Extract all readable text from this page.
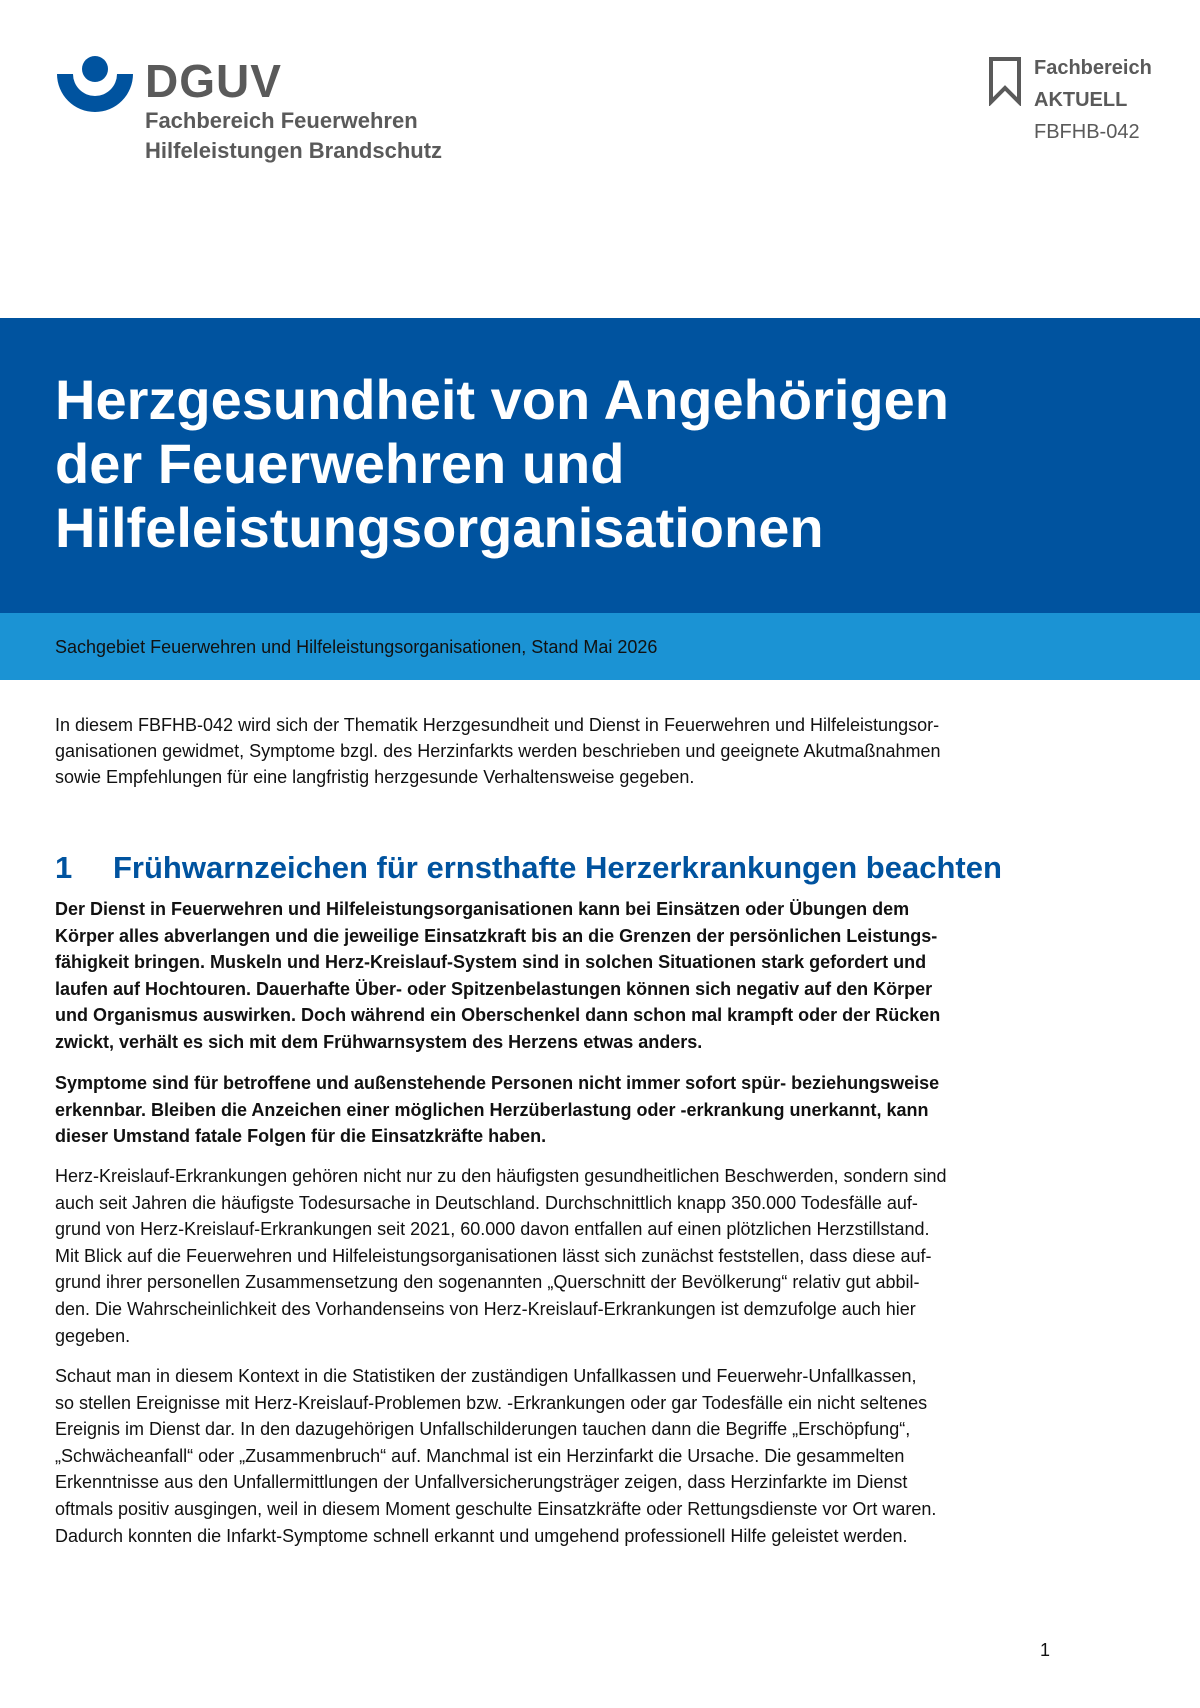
DGUV
Fachbereich Feuerwehren
Hilfeleistungen Brandschutz
Fachbereich
AKTUELL
FBFHB-042
Herzgesundheit von Angehörigen
der Feuerwehren und
Hilfeleistungsorganisationen
Sachgebiet Feuerwehren und Hilfeleistungsorganisationen, Stand Mai 2026
In diesem FBFHB-042 wird sich der Thematik Herzgesundheit und Dienst in Feuerwehren und Hilfeleistungsor-
ganisationen gewidmet, Symptome bzgl. des Herzinfarkts werden beschrieben und geeignete Akutmaßnahmen
sowie Empfehlungen für eine langfristig herzgesunde Verhaltensweise gegeben.
1	Frühwarnzeichen für ernsthafte Herzerkrankungen beachten
Der Dienst in Feuerwehren und Hilfeleistungsorganisationen kann bei Einsätzen oder Übungen dem
Körper alles abverlangen und die jeweilige Einsatzkraft bis an die Grenzen der persönlichen Leistungs-
fähigkeit bringen. Muskeln und Herz-Kreislauf-System sind in solchen Situationen stark gefordert und
laufen auf Hochtouren. Dauerhafte Über- oder Spitzenbelastungen können sich negativ auf den Körper
und Organismus auswirken. Doch während ein Oberschenkel dann schon mal krampft oder der Rücken
zwickt, verhält es sich mit dem Frühwarnsystem des Herzens etwas anders.
Symptome sind für betroffene und außenstehende Personen nicht immer sofort spür- beziehungsweise
erkennbar. Bleiben die Anzeichen einer möglichen Herzüberlastung oder -erkrankung unerkannt, kann
dieser Umstand fatale Folgen für die Einsatzkräfte haben.
Herz-Kreislauf-Erkrankungen gehören nicht nur zu den häufigsten gesundheitlichen Beschwerden, sondern sind
auch seit Jahren die häufigste Todesursache in Deutschland. Durchschnittlich knapp 350.000 Todesfälle auf-
grund von Herz-Kreislauf-Erkrankungen seit 2021, 60.000 davon entfallen auf einen plötzlichen Herzstillstand.
Mit Blick auf die Feuerwehren und Hilfeleistungsorganisationen lässt sich zunächst feststellen, dass diese auf-
grund ihrer personellen Zusammensetzung den sogenannten „Querschnitt der Bevölkerung“ relativ gut abbil-
den. Die Wahrscheinlichkeit des Vorhandenseins von Herz-Kreislauf-Erkrankungen ist demzufolge auch hier
gegeben.
Schaut man in diesem Kontext in die Statistiken der zuständigen Unfallkassen und Feuerwehr-Unfallkassen,
so stellen Ereignisse mit Herz-Kreislauf-Problemen bzw. -Erkrankungen oder gar Todesfälle ein nicht seltenes
Ereignis im Dienst dar. In den dazugehörigen Unfallschilderungen tauchen dann die Begriffe „Erschöpfung“,
„Schwächeanfall“ oder „Zusammenbruch“ auf. Manchmal ist ein Herzinfarkt die Ursache. Die gesammelten
Erkenntnisse aus den Unfallermittlungen der Unfallversicherungsträger zeigen, dass Herzinfarkte im Dienst
oftmals positiv ausgingen, weil in diesem Moment geschulte Einsatzkräfte oder Rettungsdienste vor Ort waren.
Dadurch konnten die Infarkt-Symptome schnell erkannt und umgehend professionell Hilfe geleistet werden.
1
